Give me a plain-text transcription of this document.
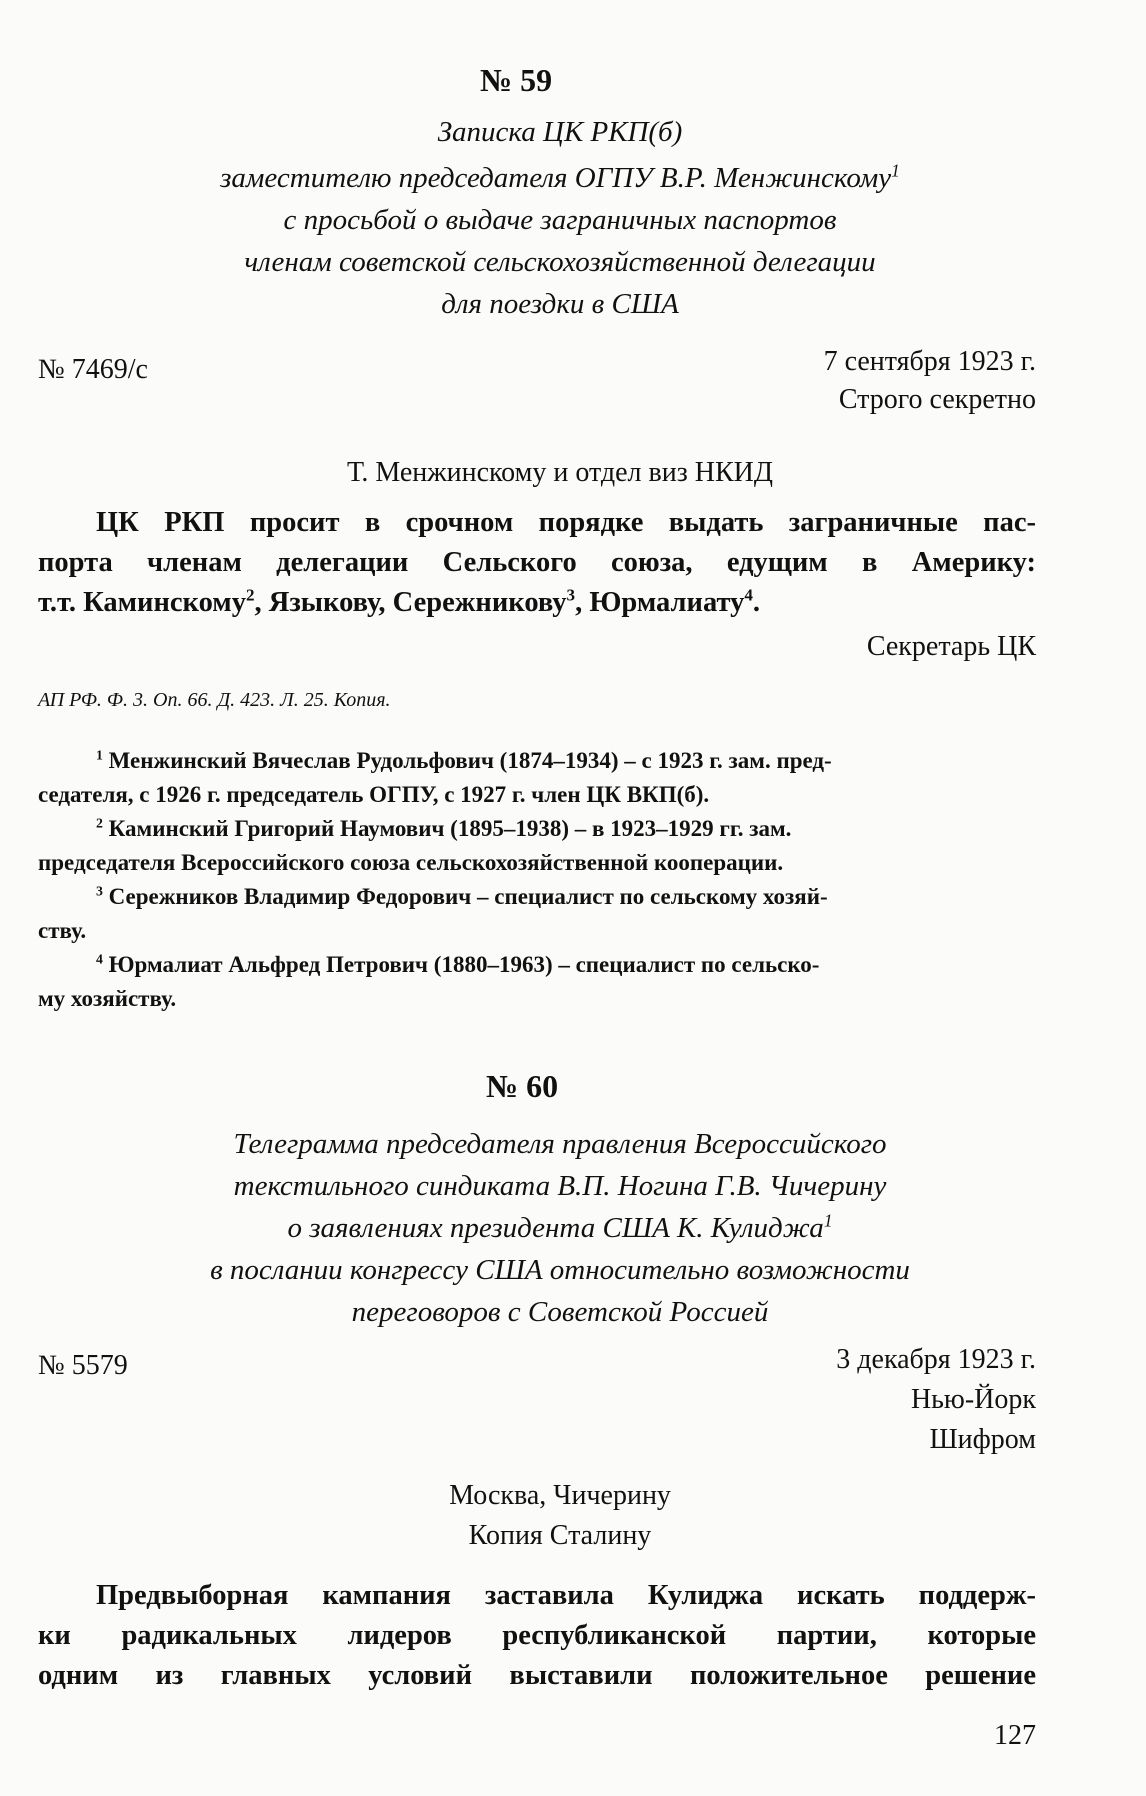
№ 59
Записка ЦК РКП(б)
заместителю председателя ОГПУ В.Р. Менжинскому$^1$
с просьбой о выдаче заграничных паспортов
членам советской сельскохозяйственной делегации
для поездки в США
№ 7469/с	7 сентября 1923 г.
Строго секретно
Т. Менжинскому и отдел виз НКИД
ЦК РКП просит в срочном порядке выдать заграничные пас-
порта членам делегации Сельского союза, едущим в Америку:
т.т. Каминскому$^2$, Языкову, Сережникову$^3$, Юрмалиату$^4$.
Секретарь ЦК
АП РФ. Ф. 3. Оп. 66. Д. 423. Л. 25. Копия.
$^1$ Менжинский Вячеслав Рудольфович (1874–1934) – с 1923 г. зам. пред-
седателя, с 1926 г. председатель ОГПУ, с 1927 г. член ЦК ВКП(б).
$^2$ Каминский Григорий Наумович (1895–1938) – в 1923–1929 гг. зам.
председателя Всероссийского союза сельскохозяйственной кооперации.
$^3$ Сережников Владимир Федорович – специалист по сельскому хозяй-
ству.
$^4$ Юрмалиат Альфред Петрович (1880–1963) – специалист по сельско-
му хозяйству.
№ 60
Телеграмма председателя правления Всероссийского
текстильного синдиката В.П. Ногина Г.В. Чичерину
о заявлениях президента США К. Кулиджа$^1$
в послании конгрессу США относительно возможности
переговоров с Советской Россией
№ 5579	3 декабря 1923 г.
Нью-Йорк
Шифром
Москва, Чичерину
Копия Сталину
Предвыборная кампания заставила Кулиджа искать поддерж-
ки радикальных лидеров республиканской партии, которые
одним из главных условий выставили положительное решение
127
